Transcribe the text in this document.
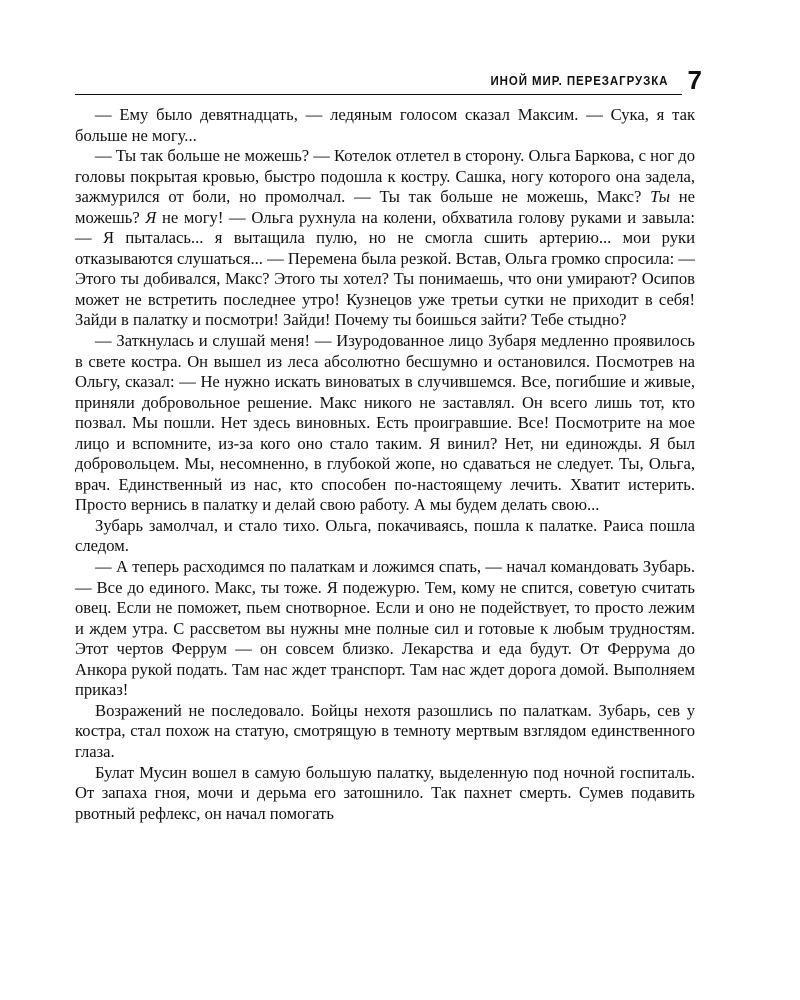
ИНОЙ МИР. ПЕРЕЗАГРУЗКА 7

— Ему было девятнадцать, — ледяным голосом сказал Максим. — Сука, я так больше не могу...

— Ты так больше не можешь? — Котелок отлетел в сторону. Ольга Баркова, с ног до головы покрытая кровью, быстро подошла к костру. Сашка, ногу которого она задела, зажмурился от боли, но промолчал. — Ты так больше не можешь, Макс? Ты не можешь? Я не могу! — Ольга рухнула на колени, обхватила голову руками и завыла: — Я пыталась... я вытащила пулю, но не смогла сшить артерию... мои руки отказываются слушаться... — Перемена была резкой. Встав, Ольга громко спросила: — Этого ты добивался, Макс? Этого ты хотел? Ты понимаешь, что они умирают? Осипов может не встретить последнее утро! Кузнецов уже третьи сутки не приходит в себя! Зайди в палатку и посмотри! Зайди! Почему ты боишься зайти? Тебе стыдно?

— Заткнулась и слушай меня! — Изуродованное лицо Зубаря медленно проявилось в свете костра. Он вышел из леса абсолютно бесшумно и остановился. Посмотрев на Ольгу, сказал: — Не нужно искать виноватых в случившемся. Все, погибшие и живые, приняли добровольное решение. Макс никого не заставлял. Он всего лишь тот, кто позвал. Мы пошли. Нет здесь виновных. Есть проигравшие. Все! Посмотрите на мое лицо и вспомните, из-за кого оно стало таким. Я винил? Нет, ни единожды. Я был добровольцем. Мы, несомненно, в глубокой жопе, но сдаваться не следует. Ты, Ольга, врач. Единственный из нас, кто способен по-настоящему лечить. Хватит истерить. Просто вернись в палатку и делай свою работу. А мы будем делать свою...

Зубарь замолчал, и стало тихо. Ольга, покачиваясь, пошла к палатке. Раиса пошла следом.

— А теперь расходимся по палаткам и ложимся спать, — начал командовать Зубарь. — Все до единого. Макс, ты тоже. Я подежурю. Тем, кому не спится, советую считать овец. Если не поможет, пьем снотворное. Если и оно не подействует, то просто лежим и ждем утра. С рассветом вы нужны мне полные сил и готовые к любым трудностям. Этот чертов Феррум — он совсем близко. Лекарства и еда будут. От Феррума до Анкора рукой подать. Там нас ждет транспорт. Там нас ждет дорога домой. Выполняем приказ!

Возражений не последовало. Бойцы нехотя разошлись по палаткам. Зубарь, сев у костра, стал похож на статую, смотрящую в темноту мертвым взглядом единственного глаза.

Булат Мусин вошел в самую большую палатку, выделенную под ночной госпиталь. От запаха гноя, мочи и дерьма его затошнило. Так пахнет смерть. Сумев подавить рвотный рефлекс, он начал помогать
